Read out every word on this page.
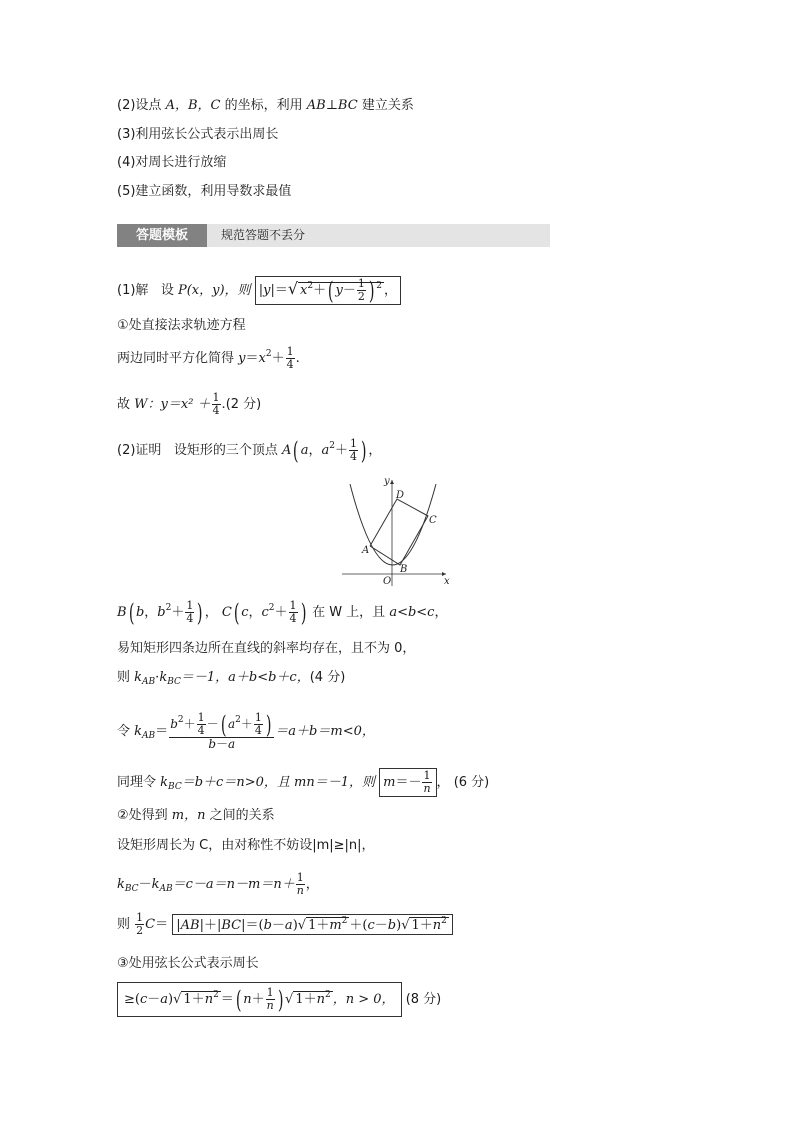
(2)设点 A，B，C 的坐标，利用 AB⊥BC 建立关系
(3)利用弦长公式表示出周长
(4)对周长进行放缩
(5)建立函数，利用导数求最值
答题模板	规范答题不丢分
(1)解 设 P(x，y)，则 |y|＝√ $x^2+$( $y- \frac{1}{2}$ ) $^2$ ，
①处直接法求轨迹方程
两边同时平方化简得 $y=x^2+ \frac{1}{4}$ .
故 W：$y=x^2 + \frac{1}{4} .(2$ 分)
(2)证明 设矩形的三个顶点 A( a，$a^2+ \frac{1}{4}$ ) ，
x
y
O
A
B
C
D
B( b，$b^2+ \frac{1}{4}$ ) ， C( c，$c^2+ \frac{1}{4}$ ) 在 W 上，且 a<b<c，
易知矩形四条边所在直线的斜率均存在，且不为 0，
则 $k_{AB}\cdot k_{BC}=-1$，a＋b<b＋c，(4 分)
令 $k_{AB}= \frac{b^2+ \frac{1}{4} -( a^2+ \frac{1}{4} )}{b-a} =a+b=m<0$，
同理令 $k_{BC}=b+c=n>0$，且 mn＝－1，则 $m=- \frac{1}{n}$ ， (6 分)
②处得到 m，n 之间的关系
设矩形周长为 C，由对称性不妨设|m|≥|n|，
$k_{BC}-k_{AB}=c-a=n-m=n+ \frac{1}{n}$ ，
则 $\frac{1}{2} C= |AB|+|BC|=(b-a)√$ $1+m^2 +(c-b)√$ $1+n^2$
③处用弦长公式表示周长
≥(c－a)√ $1+n^2$ ＝( $n+ \frac{1}{n}$ ) √ $1+n^2$ ，n > 0， (8 分)
